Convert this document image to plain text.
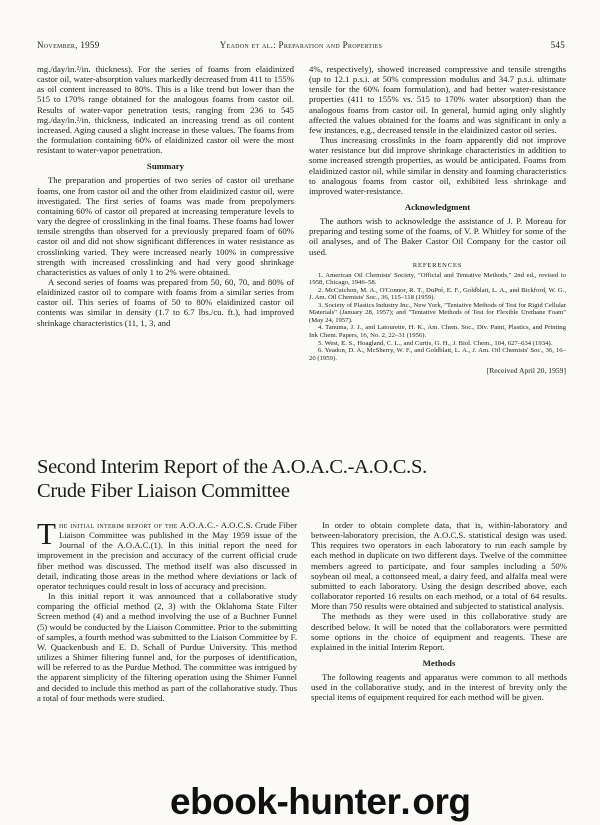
November, 1959	Yeadon et al.: Preparation and Properties	545

mg./day/in.²/in. thickness). For the series of foams from elaidinized castor oil, water-absorption values markedly decreased from 411 to 155% as oil content increased to 80%. This is a like trend but lower than the 515 to 170% range obtained for the analogous foams from castor oil. Results of water-vapor penetration tests, ranging from 236 to 545 mg./day/in.²/in. thickness, indicated an increasing trend as oil content increased. Aging caused a slight increase in these values. The foams from the formulation containing 60% of elaidinized castor oil were the most resistant to water-vapor penetration.

Summary

The preparation and properties of two series of castor oil urethane foams, one from castor oil and the other from elaidinized castor oil, were investigated. The first series of foams was made from prepolymers containing 60% of castor oil prepared at increasing temperature levels to vary the degree of crosslinking in the final foams. These foams had lower tensile strengths than observed for a previously prepared foam of 60% castor oil and did not show significant differences in water resistance as crosslinking varied. They were increased nearly 100% in compressive strength with increased crosslinking and had very good shrinkage characteristics as values of only 1 to 2% were obtained.

A second series of foams was prepared from 50, 60, 70, and 80% of elaidinized castor oil to compare with foams from a similar series from castor oil. This series of foams of 50 to 80% elaidinized castor oil contents was similar in density (1.7 to 6.7 lbs./cu. ft.), had improved shrinkage characteristics (11, 1, 3, and

4%, respectively), showed increased compressive and tensile strengths (up to 12.1 p.s.i. at 50% compression modulus and 34.7 p.s.i. ultimate tensile for the 60% foam formulation), and had better water-resistance properties (411 to 155% vs. 515 to 170% water absorption) than the analogous foams from castor oil. In general, humid aging only slightly affected the values obtained for the foams and was significant in only a few instances, e.g., decreased tensile in the elaidinized castor oil series.

Thus increasing crosslinks in the foam apparently did not improve water resistance but did improve shrinkage characteristics in addition to some increased strength properties, as would be anticipated. Foams from elaidinized castor oil, while similar in density and foaming characteristics to analogous foams from castor oil, exhibited less shrinkage and improved water-resistance.

Acknowledgment

The authors wish to acknowledge the assistance of J. P. Moreau for preparing and testing some of the foams, of V. P. Whitley for some of the oil analyses, and of The Baker Castor Oil Company for the castor oil used.

REFERENCES
1. American Oil Chemists' Society, "Official and Tentative Methods," 2nd ed., revised to 1958, Chicago, 1946–58.
2. McCutchon, M. A., O'Connor, R. T., DuPré, E. F., Goldblatt, L. A., and Bickford, W. G., J. Am. Oil Chemists' Soc., 36, 115–118 (1959).
3. Society of Plastics Industry Inc., New York, "Tentative Methods of Test for Rigid Cellular Materials" (January 28, 1957); and "Tentative Methods of Test for Flexible Urethane Foam" (May 24, 1957).
4. Tanuma, J. J., and Latourette, H. K., Am. Chem. Soc., Div. Paint, Plastics, and Printing Ink Chem. Papers, 16, No. 2, 22–31 (1956).
5. West, E. S., Hoagland, C. L., and Curtis, G. H., J. Biol. Chem., 104, 627–634 (1934).
6. Yeadon, D. A., McSherry, W. F., and Goldblatt, L. A., J. Am. Oil Chemists' Soc., 36, 16–20 (1959).
[Received April 20, 1959]
Second Interim Report of the A.O.A.C.-A.O.C.S.
Crude Fiber Liaison Committee

The initial interim report of the A.O.A.C.- A.O.C.S. Crude Fiber Liaison Committee was published in the May 1959 issue of the Journal of the A.O.A.C.(1). In this initial report the need for improvement in the precision and accuracy of the current official crude fiber method was discussed. The method itself was also discussed in detail, indicating those areas in the method where deviations or lack of operator techniques could result in loss of accuracy and precision.

In this initial report it was announced that a collaborative study comparing the official method (2, 3) with the Oklahoma State Filter Screen method (4) and a method involving the use of a Buchner Funnel (5) would be conducted by the Liaison Committee. Prior to the submitting of samples, a fourth method was submitted to the Liaison Committee by F. W. Quackenbush and E. D. Schall of Purdue University. This method utilizes a Shimer filtering funnel and, for the purposes of identification, will be referred to as the Purdue Method. The committee was intrigued by the apparent simplicity of the filtering operation using the Shimer Funnel and decided to include this method as part of the collaborative study. Thus a total of four methods were studied.

In order to obtain complete data, that is, within-laboratory and between-laboratory precision, the A.O.C.S. statistical design was used. This requires two operators in each laboratory to run each sample by each method in duplicate on two different days. Twelve of the committee members agreed to participate, and four samples including a 50% soybean oil meal, a cottonseed meal, a dairy feed, and alfalfa meal were submitted to each laboratory. Using the design described above, each collaborator reported 16 results on each method, or a total of 64 results. More than 750 results were obtained and subjected to statistical analysis.

The methods as they were used in this collaborative study are described below. It will be noted that the collaborators were permitted some options in the choice of equipment and reagents. These are explained in the initial Interim Report.

Methods

The following reagents and apparatus were common to all methods used in the collaborative study, and in the interest of brevity only the special items of equipment required for each method will be given.

ebook-hunter.org
